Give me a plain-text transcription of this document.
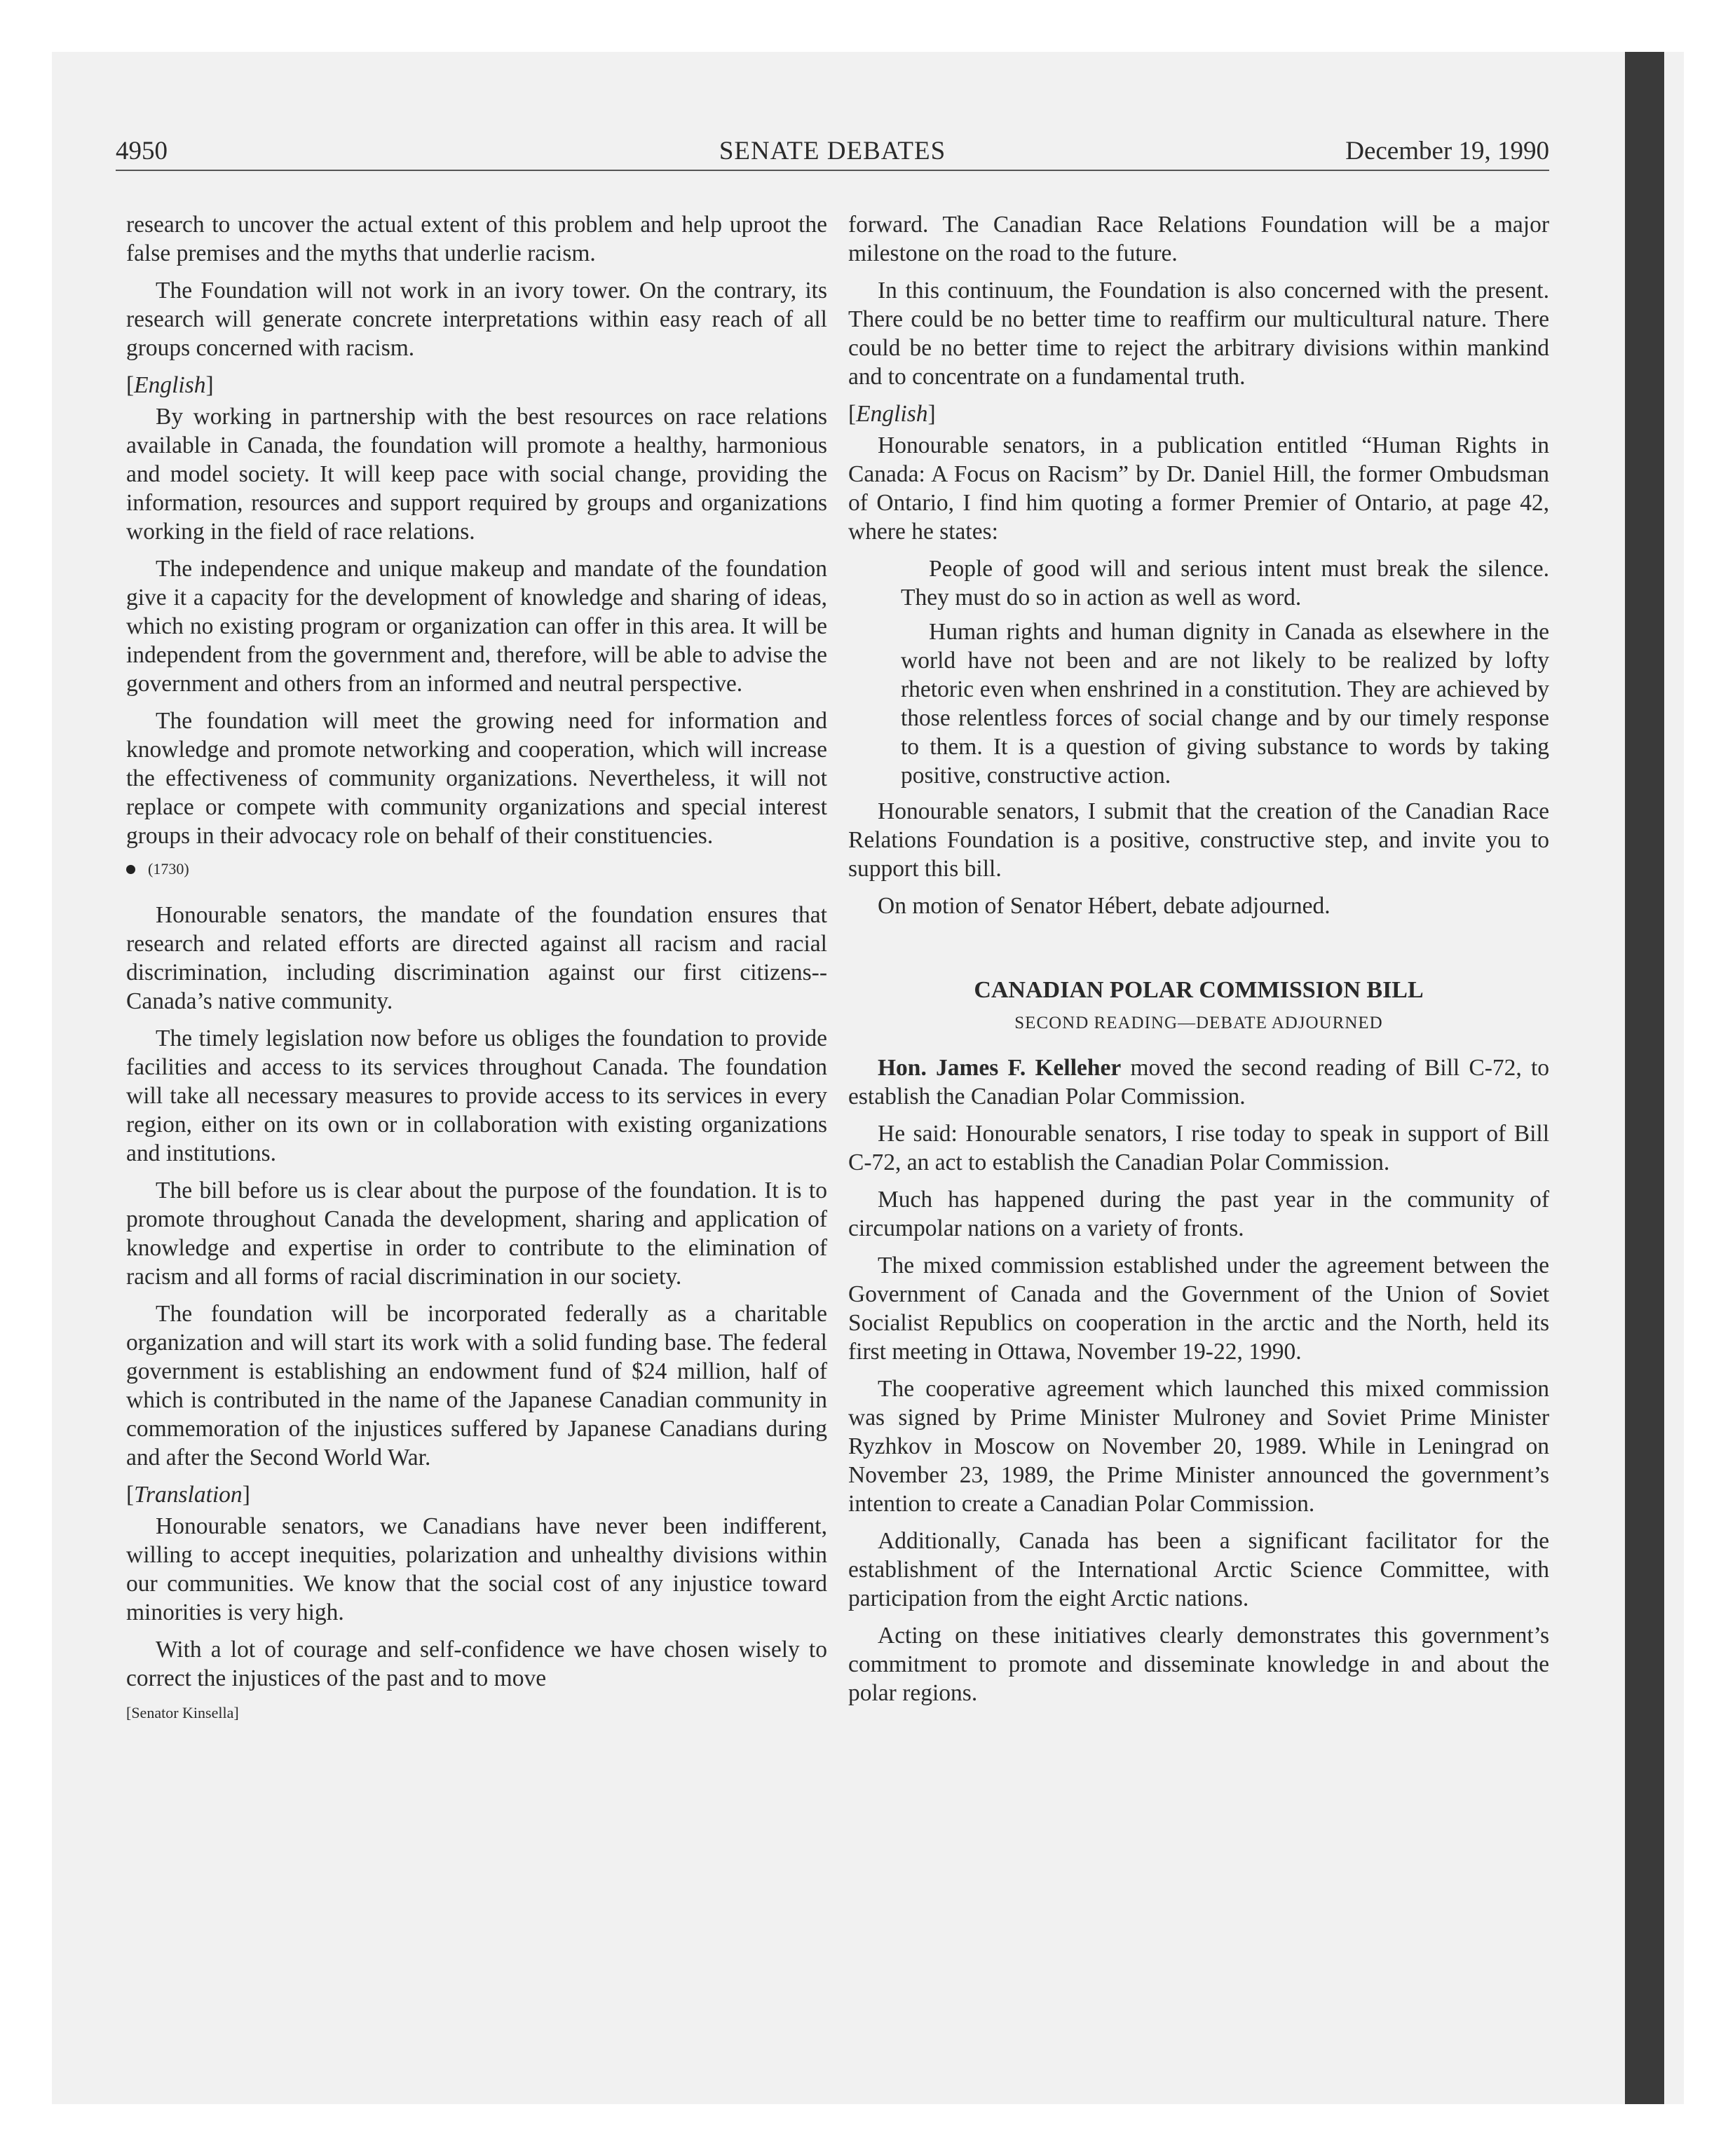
4950	SENATE DEBATES	December 19, 1990

research to uncover the actual extent of this problem and help uproot the false premises and the myths that underlie racism.

The Foundation will not work in an ivory tower. On the contrary, its research will generate concrete interpretations within easy reach of all groups concerned with racism.

[English]

By working in partnership with the best resources on race relations available in Canada, the foundation will promote a healthy, harmonious and model society. It will keep pace with social change, providing the information, resources and support required by groups and organizations working in the field of race relations.

The independence and unique makeup and mandate of the foundation give it a capacity for the development of knowledge and sharing of ideas, which no existing program or organization can offer in this area. It will be independent from the government and, therefore, will be able to advise the government and others from an informed and neutral perspective.

The foundation will meet the growing need for information and knowledge and promote networking and cooperation, which will increase the effectiveness of community organizations. Nevertheless, it will not replace or compete with community organizations and special interest groups in their advocacy role on behalf of their constituencies.

(1730)

Honourable senators, the mandate of the foundation ensures that research and related efforts are directed against all racism and racial discrimination, including discrimination against our first citizens--Canada’s native community.

The timely legislation now before us obliges the foundation to provide facilities and access to its services throughout Canada. The foundation will take all necessary measures to provide access to its services in every region, either on its own or in collaboration with existing organizations and institutions.

The bill before us is clear about the purpose of the foundation. It is to promote throughout Canada the development, sharing and application of knowledge and expertise in order to contribute to the elimination of racism and all forms of racial discrimination in our society.

The foundation will be incorporated federally as a charitable organization and will start its work with a solid funding base. The federal government is establishing an endowment fund of $24 million, half of which is contributed in the name of the Japanese Canadian community in commemoration of the injustices suffered by Japanese Canadians during and after the Second World War.

[Translation]

Honourable senators, we Canadians have never been indifferent, willing to accept inequities, polarization and unhealthy divisions within our communities. We know that the social cost of any injustice toward minorities is very high.

With a lot of courage and self-confidence we have chosen wisely to correct the injustices of the past and to move

[Senator Kinsella]

forward. The Canadian Race Relations Foundation will be a major milestone on the road to the future.

In this continuum, the Foundation is also concerned with the present. There could be no better time to reaffirm our multicultural nature. There could be no better time to reject the arbitrary divisions within mankind and to concentrate on a fundamental truth.

[English]

Honourable senators, in a publication entitled “Human Rights in Canada: A Focus on Racism” by Dr. Daniel Hill, the former Ombudsman of Ontario, I find him quoting a former Premier of Ontario, at page 42, where he states:

People of good will and serious intent must break the silence. They must do so in action as well as word.
Human rights and human dignity in Canada as elsewhere in the world have not been and are not likely to be realized by lofty rhetoric even when enshrined in a constitution. They are achieved by those relentless forces of social change and by our timely response to them. It is a question of giving substance to words by taking positive, constructive action.

Honourable senators, I submit that the creation of the Canadian Race Relations Foundation is a positive, constructive step, and invite you to support this bill.

On motion of Senator Hébert, debate adjourned.

CANADIAN POLAR COMMISSION BILL
SECOND READING—DEBATE ADJOURNED

Hon. James F. Kelleher moved the second reading of Bill C-72, to establish the Canadian Polar Commission.

He said: Honourable senators, I rise today to speak in support of Bill C-72, an act to establish the Canadian Polar Commission.

Much has happened during the past year in the community of circumpolar nations on a variety of fronts.

The mixed commission established under the agreement between the Government of Canada and the Government of the Union of Soviet Socialist Republics on cooperation in the arctic and the North, held its first meeting in Ottawa, November 19-22, 1990.

The cooperative agreement which launched this mixed commission was signed by Prime Minister Mulroney and Soviet Prime Minister Ryzhkov in Moscow on November 20, 1989. While in Leningrad on November 23, 1989, the Prime Minister announced the government’s intention to create a Canadian Polar Commission.

Additionally, Canada has been a significant facilitator for the establishment of the International Arctic Science Committee, with participation from the eight Arctic nations.

Acting on these initiatives clearly demonstrates this government’s commitment to promote and disseminate knowledge in and about the polar regions.
